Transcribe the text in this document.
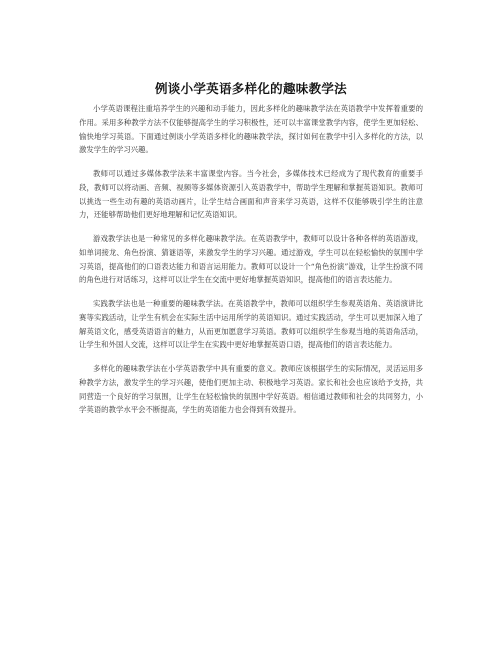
例谈小学英语多样化的趣味教学法

小学英语课程注重培养学生的兴趣和动手能力，因此多样化的趣味教学法在英语教学中发挥着重要的作用。采用多种教学方法不仅能够提高学生的学习积极性，还可以丰富课堂教学内容，使学生更加轻松、愉快地学习英语。下面通过例谈小学英语多样化的趣味教学法，探讨如何在教学中引入多样化的方法，以激发学生的学习兴趣。

教师可以通过多媒体教学法来丰富课堂内容。当今社会，多媒体技术已经成为了现代教育的重要手段，教师可以将动画、音频、视频等多媒体资源引入英语教学中，帮助学生理解和掌握英语知识。教师可以挑选一些生动有趣的英语动画片，让学生结合画面和声音来学习英语，这样不仅能够吸引学生的注意力，还能够帮助他们更好地理解和记忆英语知识。

游戏教学法也是一种常见的多样化趣味教学法。在英语教学中，教师可以设计各种各样的英语游戏，如单词接龙、角色扮演、猜谜语等，来激发学生的学习兴趣。通过游戏，学生可以在轻松愉快的氛围中学习英语，提高他们的口语表达能力和语言运用能力。教师可以设计一个“角色扮演”游戏，让学生扮演不同的角色进行对话练习，这样可以让学生在交流中更好地掌握英语知识，提高他们的语言表达能力。

实践教学法也是一种重要的趣味教学法。在英语教学中，教师可以组织学生参观英语角、英语演讲比赛等实践活动，让学生有机会在实际生活中运用所学的英语知识。通过实践活动，学生可以更加深入地了解英语文化，感受英语语言的魅力，从而更加愿意学习英语。教师可以组织学生参观当地的英语角活动，让学生和外国人交流，这样可以让学生在实践中更好地掌握英语口语，提高他们的语言表达能力。

多样化的趣味教学法在小学英语教学中具有重要的意义。教师应该根据学生的实际情况，灵活运用多种教学方法，激发学生的学习兴趣，使他们更加主动、积极地学习英语。家长和社会也应该给予支持，共同营造一个良好的学习氛围，让学生在轻松愉快的氛围中学好英语。相信通过教师和社会的共同努力，小学英语的教学水平会不断提高，学生的英语能力也会得到有效提升。
